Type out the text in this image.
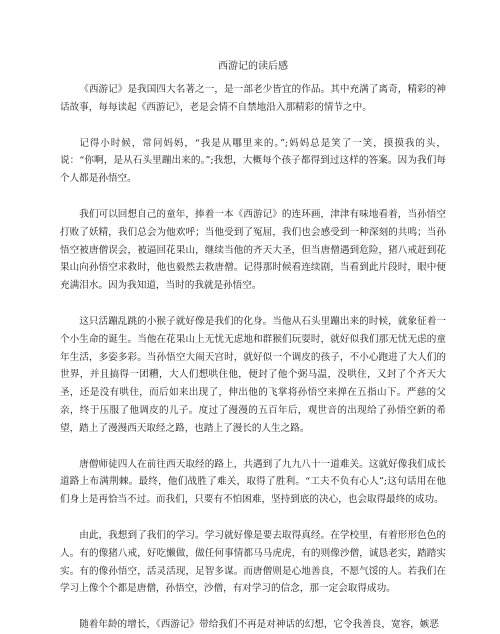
西游记的读后感

《西游记》是我国四大名著之一，是一部老少皆宜的作品。其中充满了离奇，精彩的神话故事，每每读起《西游记》，老是会情不自禁地沿入那精彩的情节之中。

记得小时候，常问妈妈，“我是从哪里来的。”;妈妈总是笑了一笑，摸摸我的头，说：“你啊，是从石头里蹦出来的。”;我想，大概每个孩子都得到过这样的答案。因为我们每个人都是孙悟空。

我们可以回想自己的童年，捧着一本《西游记》的连环画，津津有味地看着，当孙悟空打败了妖精，我们总会为他欢呼；当他受到了冤屈，我们也会感受到一种深刻的共鸣；当孙悟空被唐僧误会，被逼回花果山，继续当他的齐天大圣，但当唐僧遇到危险，猪八戒赶到花果山向孙悟空求救时，他也毅然去救唐僧。记得那时候看连续剧，当看到此片段时，眼中便充满泪水。因为我知道，当时的我就是孙悟空。

这只活蹦乱跳的小猴子就好像是我们的化身。当他从石头里蹦出来的时候，就象征着一个小生命的诞生。当他在花果山上无忧无虑地和群猴们玩耍时，就好似我们那无忧无虑的童年生活，多姿多彩。当孙悟空大闹天宫时，就好似一个调皮的孩子，不小心跑进了大人们的世界，并且搞得一团糟，大人们想哄住他，便封了他个弼马温，没哄住，又封了个齐天大圣，还是没有哄住，而后如来出现了，伸出他的飞掌将孙悟空来掸在五指山下。严慈的父亲，终于压服了他调皮的儿子。度过了漫漫的五百年后，观世音的出现给了孙悟空新的希望，踏上了漫漫西天取经之路，也踏上了漫长的人生之路。

唐僧师徒四人在前往西天取经的路上，共遇到了九九八十一道难关。这就好像我们成长道路上布满荆棘。最终，他们战胜了难关，取得了胜利。“工夫不负有心人”;这句话用在他们身上是再恰当不过。而我们，只要有不怕困难，坚持到底的决心，也会取得最终的成功。

由此，我想到了我们的学习。学习就好像是要去取得真经。在学校里，有着形形色色的人。有的像猪八戒，好吃懒做，做任何事情都马马虎虎，有的则像沙僧，诚恳老实，踏踏实实。有的像孙悟空，活灵活现，足智多谋。而唐僧则是心地善良，不愿气馁的人。若我们在学习上像个个都是唐僧，孙悟空，沙僧，有对学习的信念，那一定会取得成功。

随着年龄的增长，《西游记》带给我们不再是对神话的幻想，它令我善良，宽容，嫉恶
